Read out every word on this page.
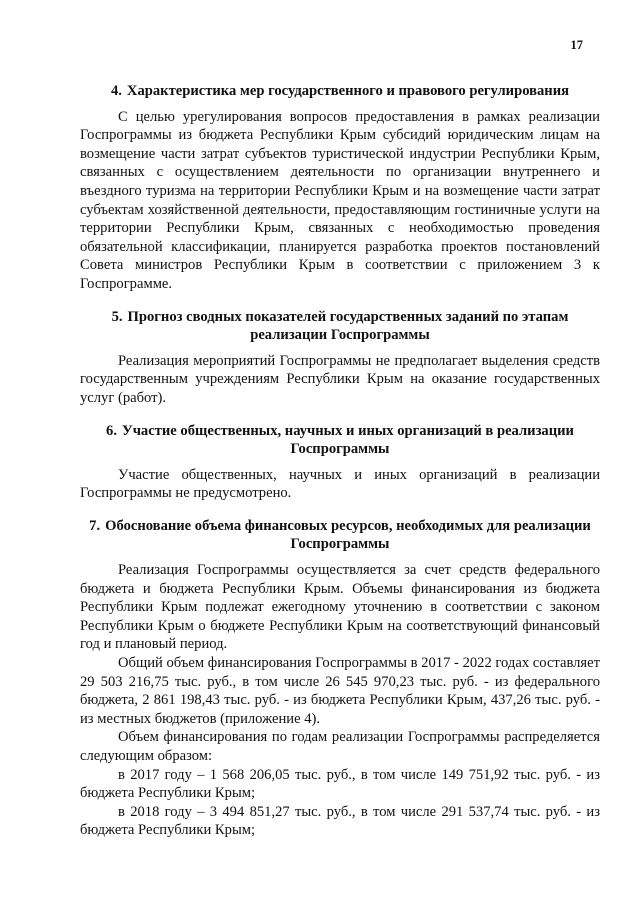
17
4. Характеристика мер государственного и правового регулирования

С целью урегулирования вопросов предоставления в рамках реализации Госпрограммы из бюджета Республики Крым субсидий юридическим лицам на возмещение части затрат субъектов туристической индустрии Республики Крым, связанных с осуществлением деятельности по организации внутреннего и въездного туризма на территории Республики Крым и на возмещение части затрат субъектам хозяйственной деятельности, предоставляющим гостиничные услуги на территории Республики Крым, связанных с необходимостью проведения обязательной классификации, планируется разработка проектов постановлений Совета министров Республики Крым в соответствии с приложением 3 к Госпрограмме.

5. Прогноз сводных показателей государственных заданий по этапам реализации Госпрограммы

Реализация мероприятий Госпрограммы не предполагает выделения средств государственным учреждениям Республики Крым на оказание государственных услуг (работ).

6. Участие общественных, научных и иных организаций в реализации Госпрограммы

Участие общественных, научных и иных организаций в реализации Госпрограммы не предусмотрено.

7. Обоснование объема финансовых ресурсов, необходимых для реализации Госпрограммы

Реализация Госпрограммы осуществляется за счет средств федерального бюджета и бюджета Республики Крым. Объемы финансирования из бюджета Республики Крым подлежат ежегодному уточнению в соответствии с законом Республики Крым о бюджете Республики Крым на соответствующий финансовый год и плановый период.

Общий объем финансирования Госпрограммы в 2017 - 2022 годах составляет 29 503 216,75 тыс. руб., в том числе 26 545 970,23 тыс. руб. - из федерального бюджета, 2 861 198,43 тыс. руб. - из бюджета Республики Крым, 437,26 тыс. руб. - из местных бюджетов (приложение 4).

Объем финансирования по годам реализации Госпрограммы распределяется следующим образом:

в 2017 году – 1 568 206,05 тыс. руб., в том числе 149 751,92 тыс. руб. - из бюджета Республики Крым;

в 2018 году – 3 494 851,27 тыс. руб., в том числе 291 537,74 тыс. руб. - из бюджета Республики Крым;
